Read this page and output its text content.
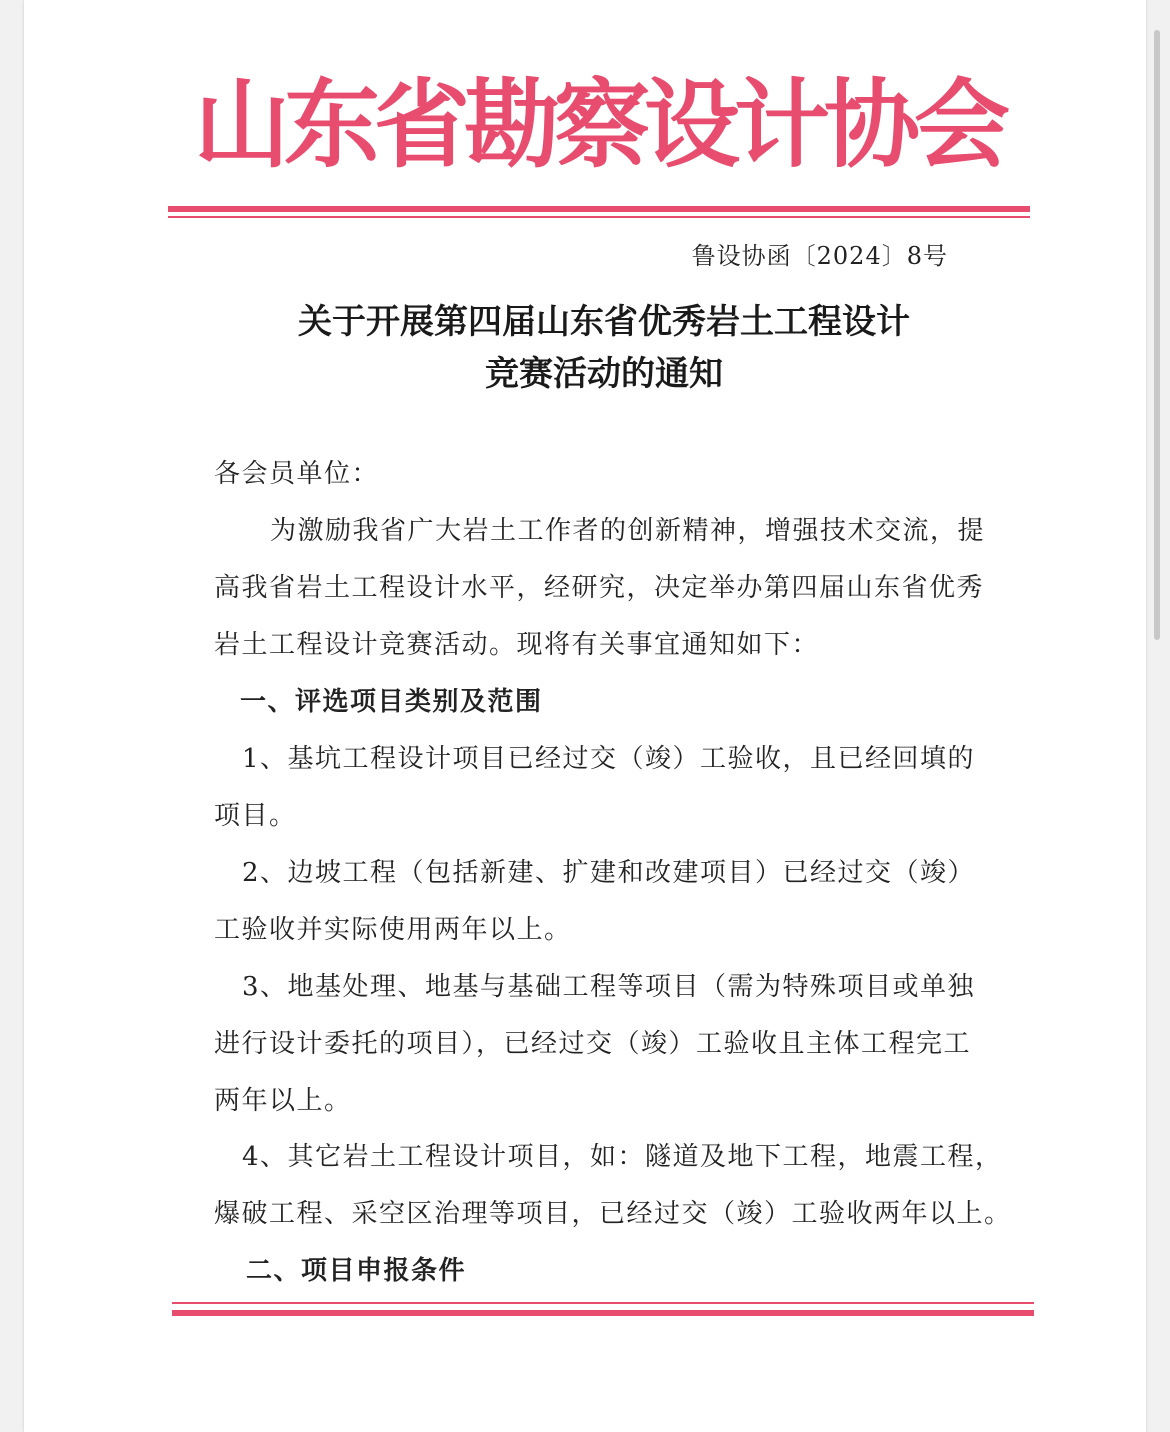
山东省勘察设计协会
鲁设协函〔2024〕8号
关于开展第四届山东省优秀岩土工程设计
竞赛活动的通知
各会员单位：
为激励我省广大岩土工作者的创新精神，增强技术交流，提
高我省岩土工程设计水平，经研究，决定举办第四届山东省优秀
岩土工程设计竞赛活动。现将有关事宜通知如下：
一、评选项目类别及范围
1、基坑工程设计项目已经过交（竣）工验收，且已经回填的
项目。
2、边坡工程（包括新建、扩建和改建项目）已经过交（竣）
工验收并实际使用两年以上。
3、地基处理、地基与基础工程等项目（需为特殊项目或单独
进行设计委托的项目），已经过交（竣）工验收且主体工程完工
两年以上。
4、其它岩土工程设计项目，如：隧道及地下工程，地震工程，
爆破工程、采空区治理等项目，已经过交（竣）工验收两年以上。
二、项目申报条件
